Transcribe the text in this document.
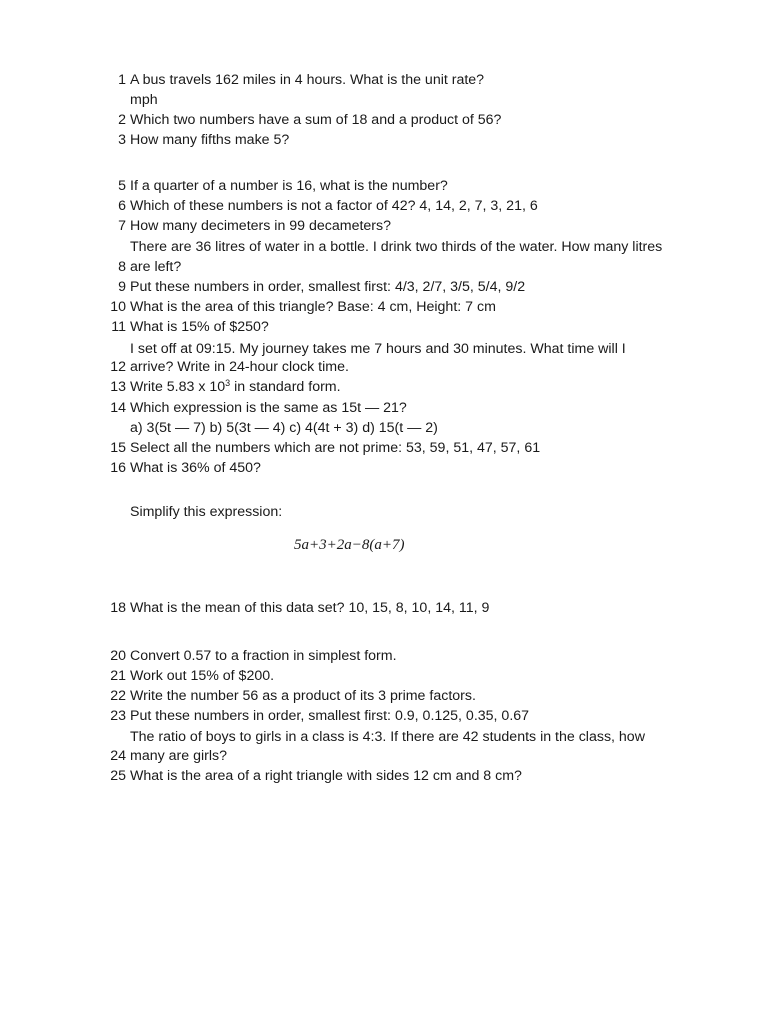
1 A bus travels 162 miles in 4 hours. What is the unit rate?
mph
2 Which two numbers have a sum of 18 and a product of 56?
3 How many fifths make 5?
5 If a quarter of a number is 16, what is the number?
6 Which of these numbers is not a factor of 42? 4, 14, 2, 7, 3, 21, 6
7 How many decimeters in 99 decameters?
There are 36 litres of water in a bottle. I drink two thirds of the water. How many litres
8 are left?
9 Put these numbers in order, smallest first: 4/3, 2/7, 3/5, 5/4, 9/2
10 What is the area of this triangle? Base: 4 cm, Height: 7 cm
11 What is 15% of $250?
I set off at 09:15. My journey takes me 7 hours and 30 minutes. What time will I
12 arrive? Write in 24-hour clock time.
13 Write 5.83 x $10^3$ in standard form.
14 Which expression is the same as 15t — 21?
a) 3(5t — 7) b) 5(3t — 4) c) 4(4t + 3) d) 15(t — 2)
15 Select all the numbers which are not prime: 53, 59, 51, 47, 57, 61
16 What is 36% of 450?
Simplify this expression:
5a+3+2a−8(a+7)
18 What is the mean of this data set? 10, 15, 8, 10, 14, 11, 9
20 Convert 0.57 to a fraction in simplest form.
21 Work out 15% of $200.
22 Write the number 56 as a product of its 3 prime factors.
23 Put these numbers in order, smallest first: 0.9, 0.125, 0.35, 0.67
The ratio of boys to girls in a class is 4:3. If there are 42 students in the class, how
24 many are girls?
25 What is the area of a right triangle with sides 12 cm and 8 cm?
